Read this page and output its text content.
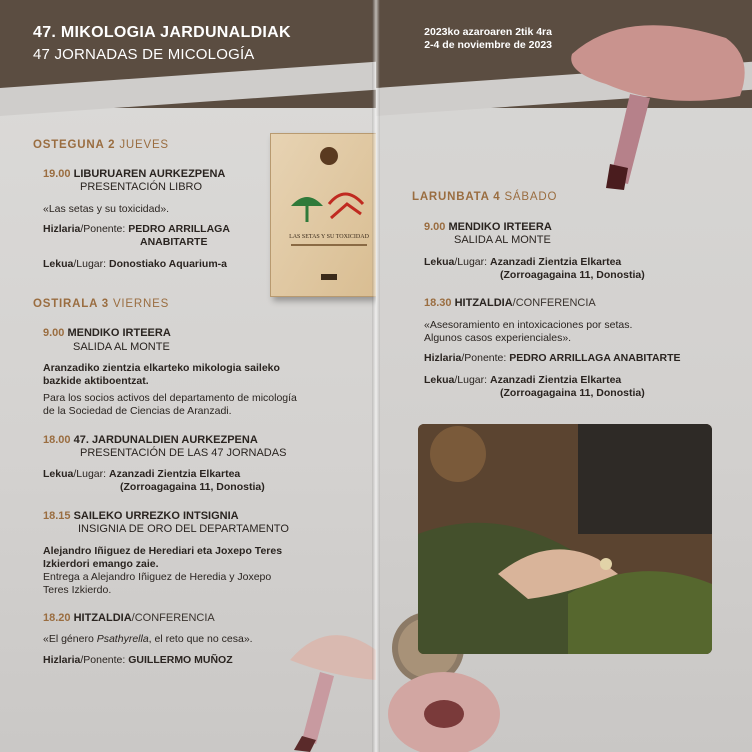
47. MIKOLOGIA JARDUNALDIAK
47 JORNADAS DE MICOLOGÍA
OSTEGUNA 2 JUEVES
19.00 LIBURUAREN AURKEZPENA
PRESENTACIÓN LIBRO
«Las setas y su toxicidad».
Hizlaria/Ponente: PEDRO ARRILLAGA
ANABITARTE
Lekua/Lugar: Donostiako Aquarium-a
LAS SETAS Y SU TOXICIDAD
OSTIRALA 3 VIERNES
9.00 MENDIKO IRTEERA
SALIDA AL MONTE
Aranzadiko zientzia elkarteko mikologia saileko
bazkide aktiboentzat.
Para los socios activos del departamento de micología
de la Sociedad de Ciencias de Aranzadi.
18.00 47. JARDUNALDIEN AURKEZPENA
PRESENTACIÓN DE LAS 47 JORNADAS
Lekua/Lugar: Azanzadi Zientzia Elkartea
(Zorroagagaina 11, Donostia)
18.15 SAILEKO URREZKO INTSIGNIA
INSIGNIA DE ORO DEL DEPARTAMENTO
Alejandro Iñiguez de Herediari eta Joxepo Teres
Izkierdori emango zaie.
Entrega a Alejandro Iñiguez de Heredia y Joxepo
Teres Izkierdo.
18.20 HITZALDIA/CONFERENCIA
«El género Psathyrella, el reto que no cesa».
Hizlaria/Ponente: GUILLERMO MUÑOZ
2023ko azaroaren 2tik 4ra
2-4 de noviembre de 2023
LARUNBATA 4 SÁBADO
9.00 MENDIKO IRTEERA
SALIDA AL MONTE
Lekua/Lugar: Azanzadi Zientzia Elkartea
(Zorroagagaina 11, Donostia)
18.30 HITZALDIA/CONFERENCIA
«Asesoramiento en intoxicaciones por setas.
Algunos casos experienciales».
Hizlaria/Ponente: PEDRO ARRILLAGA ANABITARTE
Lekua/Lugar: Azanzadi Zientzia Elkartea
(Zorroagagaina 11, Donostia)
